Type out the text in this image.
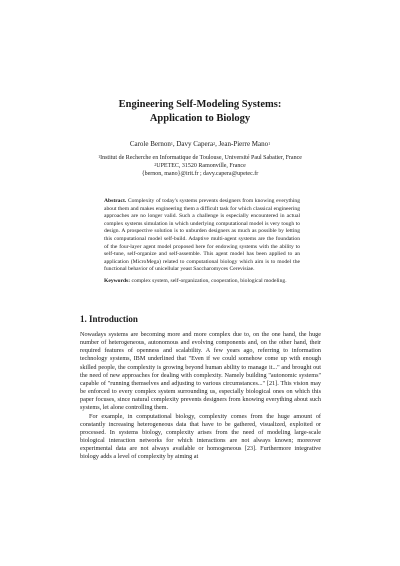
Engineering Self-Modeling Systems:
Application to Biology
Carole Bernon$^1$, Davy Capera$^2$, Jean-Pierre Mano$^1$
$^1$Institut de Recherche en Informatique de Toulouse, Université Paul Sabatier, France
$^2$UPETEC, 31520 Ramonville, France
{bernon, mano}@irit.fr ; davy.capera@upetec.fr
Abstract. Complexity of today's systems prevents designers from knowing everything about them and makes engineering them a difficult task for which classical engineering approaches are no longer valid. Such a challenge is especially encountered in actual complex systems simulation in which underlying computational model is very tough to design. A prospective solution is to unburden designers as much as possible by letting this computational model self-build. Adaptive multi-agent systems are the foundation of the four-layer agent model proposed here for endowing systems with the ability to self-tune, self-organize and self-assemble. This agent model has been applied to an application (MicroMega) related to computational biology which aim is to model the functional behavior of unicellular yeast Saccharomyces Cerevisiae.
Keywords: complex system, self-organization, cooperation, biological modeling.
1. Introduction

Nowadays systems are becoming more and more complex due to, on the one hand, the huge number of heterogeneous, autonomous and evolving components and, on the other hand, their required features of openness and scalability. A few years ago, referring to information technology systems, IBM underlined that "Even if we could somehow come up with enough skilled people, the complexity is growing beyond human ability to manage it..." and brought out the need of new approaches for dealing with complexity. Namely building "autonomic systems" capable of "running themselves and adjusting to various circumstances..." [21]. This vision may be enforced to every complex system surrounding us, especially biological ones on which this paper focuses, since natural complexity prevents designers from knowing everything about such systems, let alone controlling them.

For example, in computational biology, complexity comes from the huge amount of constantly increasing heterogeneous data that have to be gathered, visualized, exploited or processed. In systems biology, complexity arises from the need of modeling large-scale biological interaction networks for which interactions are not always known; moreover experimental data are not always available or homogeneous [23]. Furthermore integrative biology adds a level of complexity by aiming at
